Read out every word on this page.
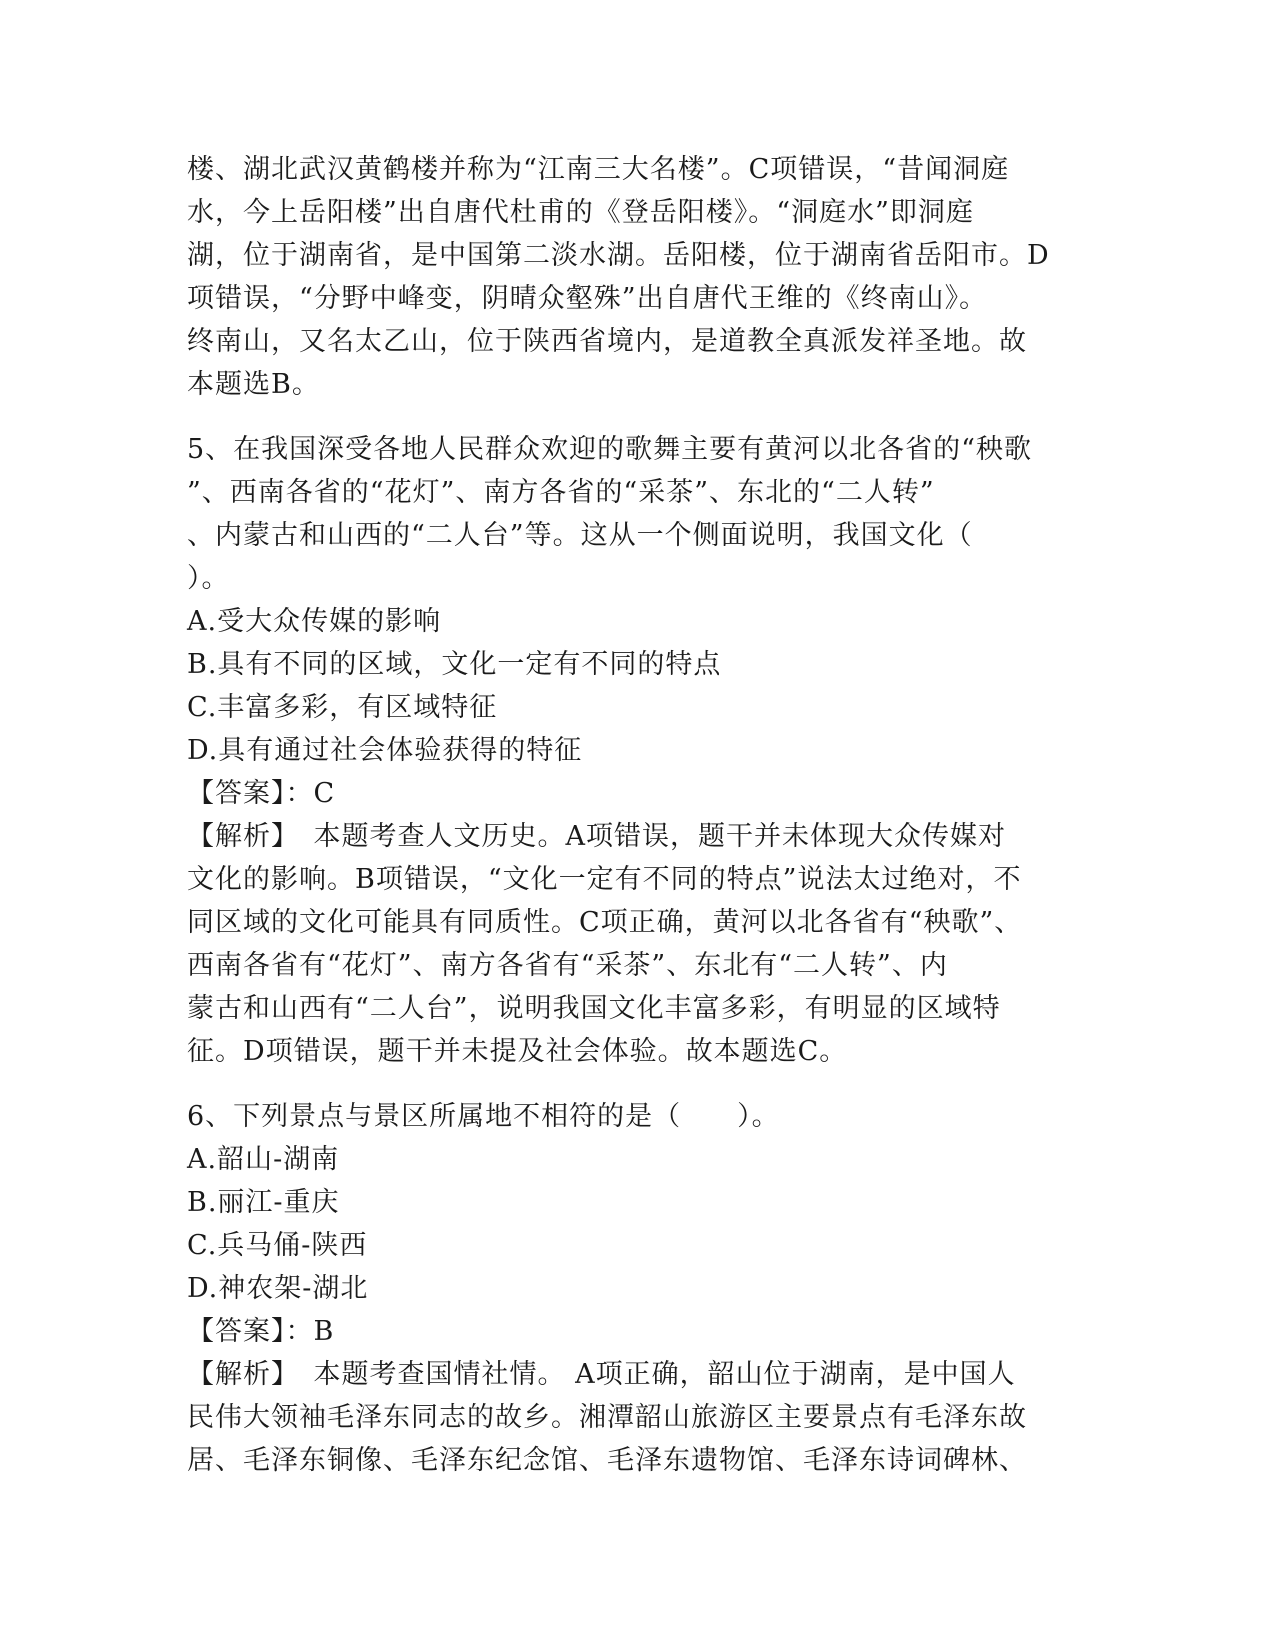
楼、湖北武汉黄鹤楼并称为“江南三大名楼”。C项错误，“昔闻洞庭
水，今上岳阳楼”出自唐代杜甫的《登岳阳楼》。“洞庭水”即洞庭
湖，位于湖南省，是中国第二淡水湖。岳阳楼，位于湖南省岳阳市。D
项错误，“分野中峰变，阴晴众壑殊”出自唐代王维的《终南山》。
终南山，又名太乙山，位于陕西省境内，是道教全真派发祥圣地。故
本题选B。
5、在我国深受各地人民群众欢迎的歌舞主要有黄河以北各省的“秧歌
”、西南各省的“花灯”、南方各省的“采茶”、东北的“二人转”
、内蒙古和山西的“二人台”等。这从一个侧面说明，我国文化（
）。
A.受大众传媒的影响
B.具有不同的区域，文化一定有不同的特点
C.丰富多彩，有区域特征
D.具有通过社会体验获得的特征
【答案】：C
【解析】　本题考查人文历史。A项错误，题干并未体现大众传媒对
文化的影响。B项错误，“文化一定有不同的特点”说法太过绝对，不
同区域的文化可能具有同质性。C项正确，黄河以北各省有“秧歌”、
西南各省有“花灯”、南方各省有“采茶”、东北有“二人转”、内
蒙古和山西有“二人台”，说明我国文化丰富多彩，有明显的区域特
征。D项错误，题干并未提及社会体验。故本题选C。
6、下列景点与景区所属地不相符的是（　　）。
A.韶山-湖南
B.丽江-重庆
C.兵马俑-陕西
D.神农架-湖北
【答案】：B
【解析】　本题考查国情社情。 A项正确，韶山位于湖南，是中国人
民伟大领袖毛泽东同志的故乡。湘潭韶山旅游区主要景点有毛泽东故
居、毛泽东铜像、毛泽东纪念馆、毛泽东遗物馆、毛泽东诗词碑林、
